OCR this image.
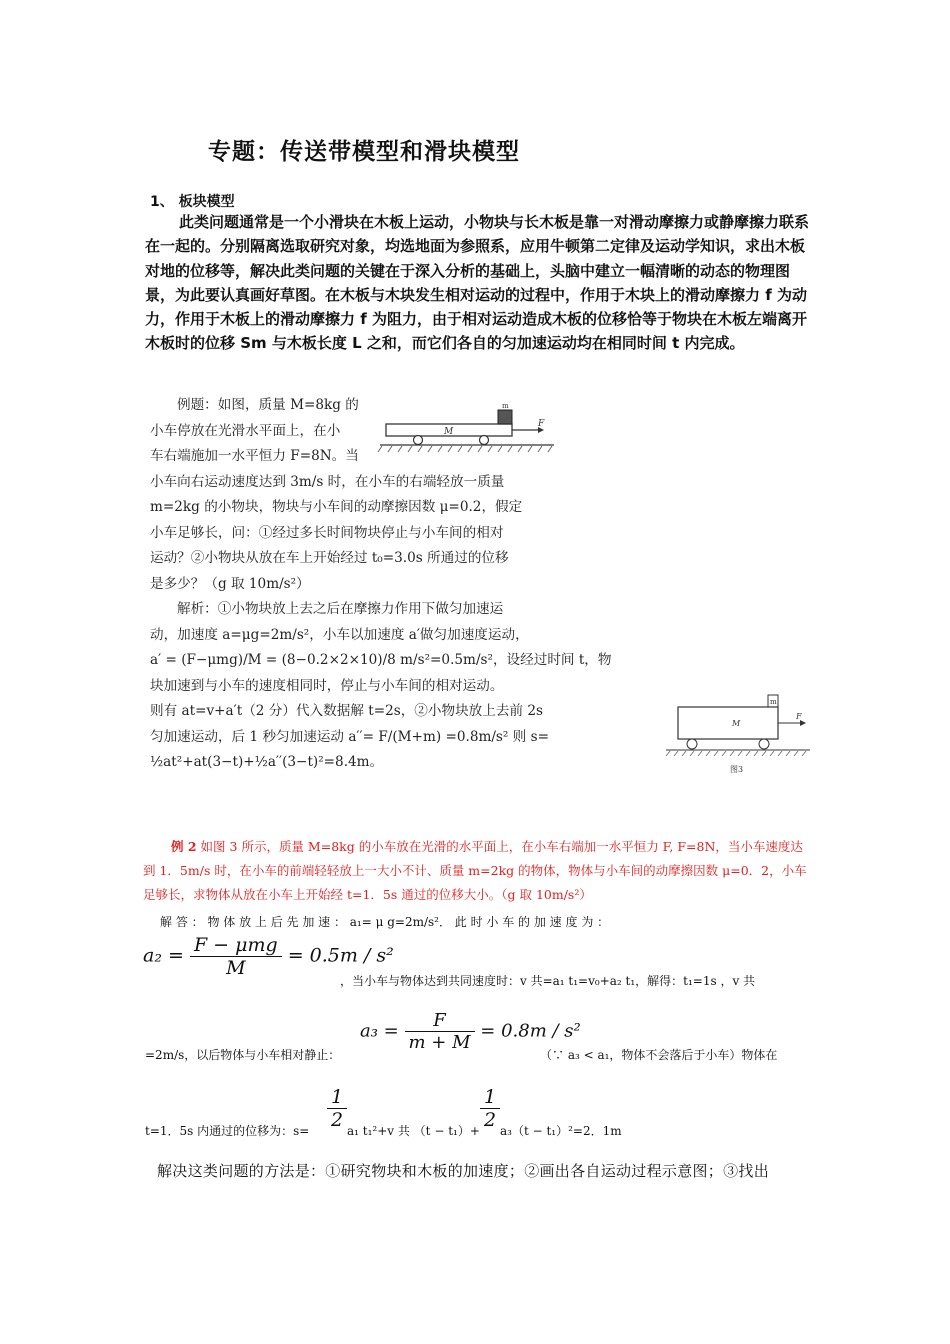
专题：传送带模型和滑块模型
1、 板块模型

此类问题通常是一个小滑块在木板上运动，小物块与长木板是靠一对滑动摩擦力或静摩擦力联系在一起的。分别隔离选取研究对象，均选地面为参照系，应用牛顿第二定律及运动学知识，求出木板对地的位移等，解决此类问题的关键在于深入分析的基础上，头脑中建立一幅清晰的动态的物理图景，为此要认真画好草图。在木板与木块发生相对运动的过程中，作用于木块上的滑动摩擦力 f 为动力，作用于木板上的滑动摩擦力 f 为阻力，由于相对运动造成木板的位移恰等于物块在木板左端离开木板时的位移 Sm 与木板长度 L 之和，而它们各自的匀加速运动均在相同时间 t 内完成。

例题：如图，质量 M=8kg 的
小车停放在光滑水平面上，在小
车右端施加一水平恒力 F=8N。当
小车向右运动速度达到 3m/s 时，在小车的右端轻放一质量
m=2kg 的小物块，物块与小车间的动摩擦因数 μ=0.2，假定
小车足够长，问：①经过多长时间物块停止与小车间的相对
运动？②小物块从放在车上开始经过 t₀=3.0s 所通过的位移
是多少？（g 取 10m/s²）
解析：①小物块放上去之后在摩擦力作用下做匀加速运
动，加速度 a=μg=2m/s²，小车以加速度 a′做匀加速度运动，
a′ = (F−μmg)/M = (8−0.2×2×10)/8 m/s²=0.5m/s²，设经过时间 t，物
块加速到与小车的速度相同时，停止与小车间的相对运动。
则有 at=v+a′t（2 分）代入数据解 t=2s，②小物块放上去前 2s
匀加速运动，后 1 秒匀加速运动 a′′= F/(M+m) =0.8m/s² 则 s=
½at²+at(3−t)+½a′′(3−t)²=8.4m。
m
M
F
m
M
F
图3

例 2 如图 3 所示，质量 M=8kg 的小车放在光滑的水平面上，在小车右端加一水平恒力 F, F=8N，当小车速度达到 1．5m/s 时，在小车的前端轻轻放上一大小不计、质量 m=2kg 的物体，物体与小车间的动摩擦因数 μ=0．2，小车足够长，求物体从放在小车上开始经 t=1．5s 通过的位移大小。（g 取 10m/s²）

解 答 ： 物 体 放 上 后 先 加 速 ： a₁= μ g=2m/s²． 此 时 小 车 的 加 速 度 为 ：
$a_2 = \frac{\text{F − μmg}}{M} = 0.5m / s^2$
，当小车与物体达到共同速度时：v 共=a₁ t₁=v₀+a₂ t₁，解得：t₁=1s ，v 共
$a_3 = \frac{F}{m + M} = 0.8m / s^2$
=2m/s，以后物体与小车相对静止：	（∵ a₃ < a₁，物体不会落后于小车）物体在
t=1．5s 内通过的位移为：$s= \frac{1}{2} a_1$ t₁²+v 共 $(t - t_1)+ \frac{1}{2} a_3(t - t_1)^2=2$．1m
解决这类问题的方法是：①研究物块和木板的加速度；②画出各自运动过程示意图；③找出
